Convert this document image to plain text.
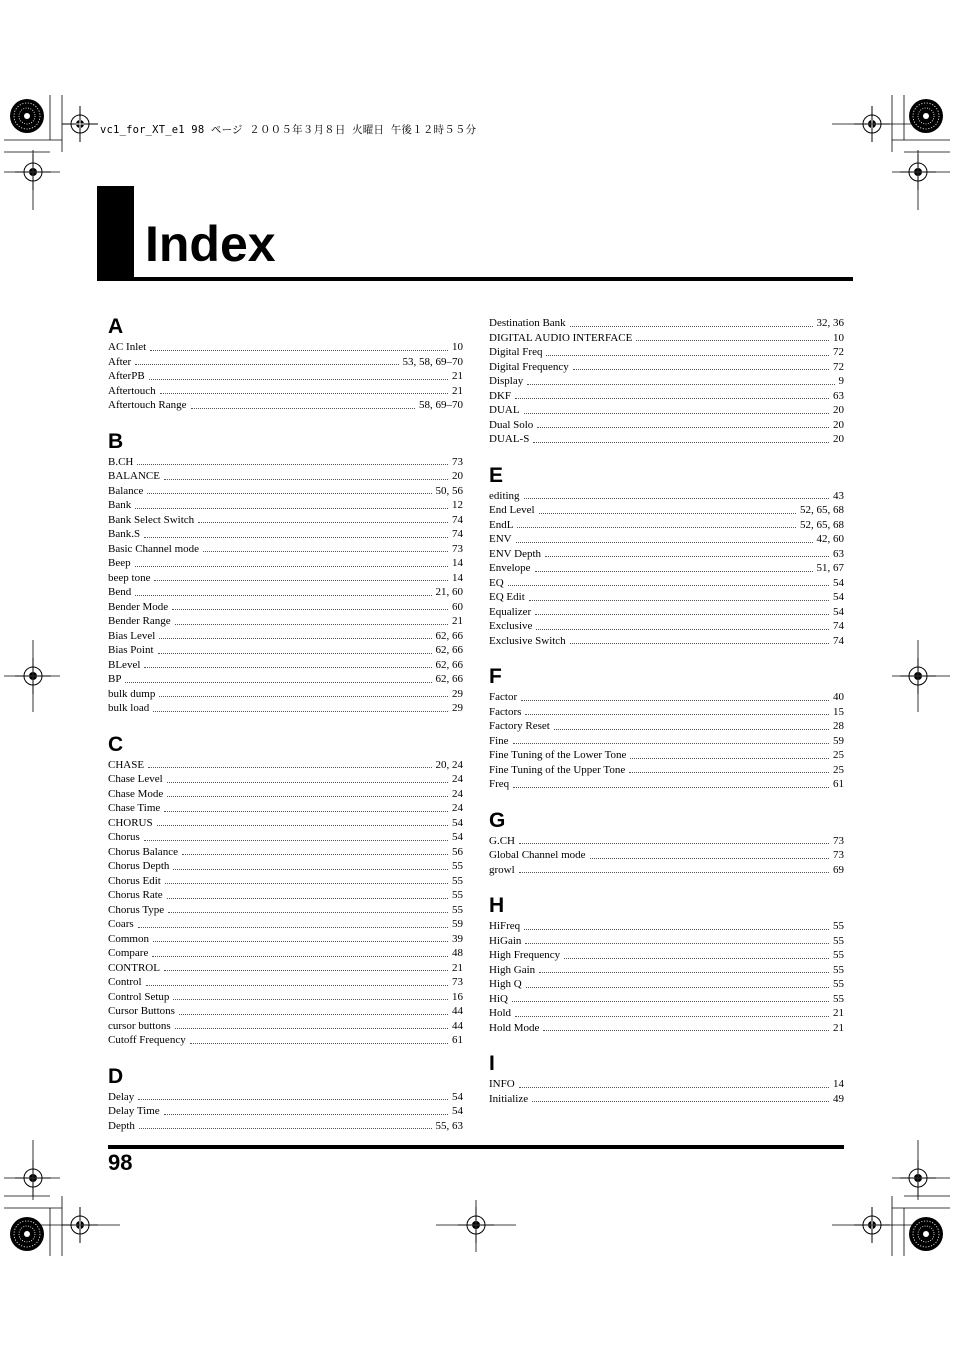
vc1_for_XT_e1 98 ページ ２００５年３月８日 火曜日 午後１２時５５分
Index
A
AC Inlet	10
After	53, 58, 69–70
AfterPB	21
Aftertouch	21
Aftertouch Range	58, 69–70
B
B.CH	73
BALANCE	20
Balance	50, 56
Bank	12
Bank Select Switch	74
Bank.S	74
Basic Channel mode	73
Beep	14
beep tone	14
Bend	21, 60
Bender Mode	60
Bender Range	21
Bias Level	62, 66
Bias Point	62, 66
BLevel	62, 66
BP	62, 66
bulk dump	29
bulk load	29
C
CHASE	20, 24
Chase Level	24
Chase Mode	24
Chase Time	24
CHORUS	54
Chorus	54
Chorus Balance	56
Chorus Depth	55
Chorus Edit	55
Chorus Rate	55
Chorus Type	55
Coars	59
Common	39
Compare	48
CONTROL	21
Control	73
Control Setup	16
Cursor Buttons	44
cursor buttons	44
Cutoff Frequency	61
D
Delay	54
Delay Time	54
Depth	55, 63
Destination Bank	32, 36
DIGITAL AUDIO INTERFACE	10
Digital Freq	72
Digital Frequency	72
Display	9
DKF	63
DUAL	20
Dual Solo	20
DUAL-S	20
E
editing	43
End Level	52, 65, 68
EndL	52, 65, 68
ENV	42, 60
ENV Depth	63
Envelope	51, 67
EQ	54
EQ Edit	54
Equalizer	54
Exclusive	74
Exclusive Switch	74
F
Factor	40
Factors	15
Factory Reset	28
Fine	59
Fine Tuning of the Lower Tone	25
Fine Tuning of the Upper Tone	25
Freq	61
G
G.CH	73
Global Channel mode	73
growl	69
H
HiFreq	55
HiGain	55
High Frequency	55
High Gain	55
High Q	55
HiQ	55
Hold	21
Hold Mode	21
I
INFO	14
Initialize	49
98
